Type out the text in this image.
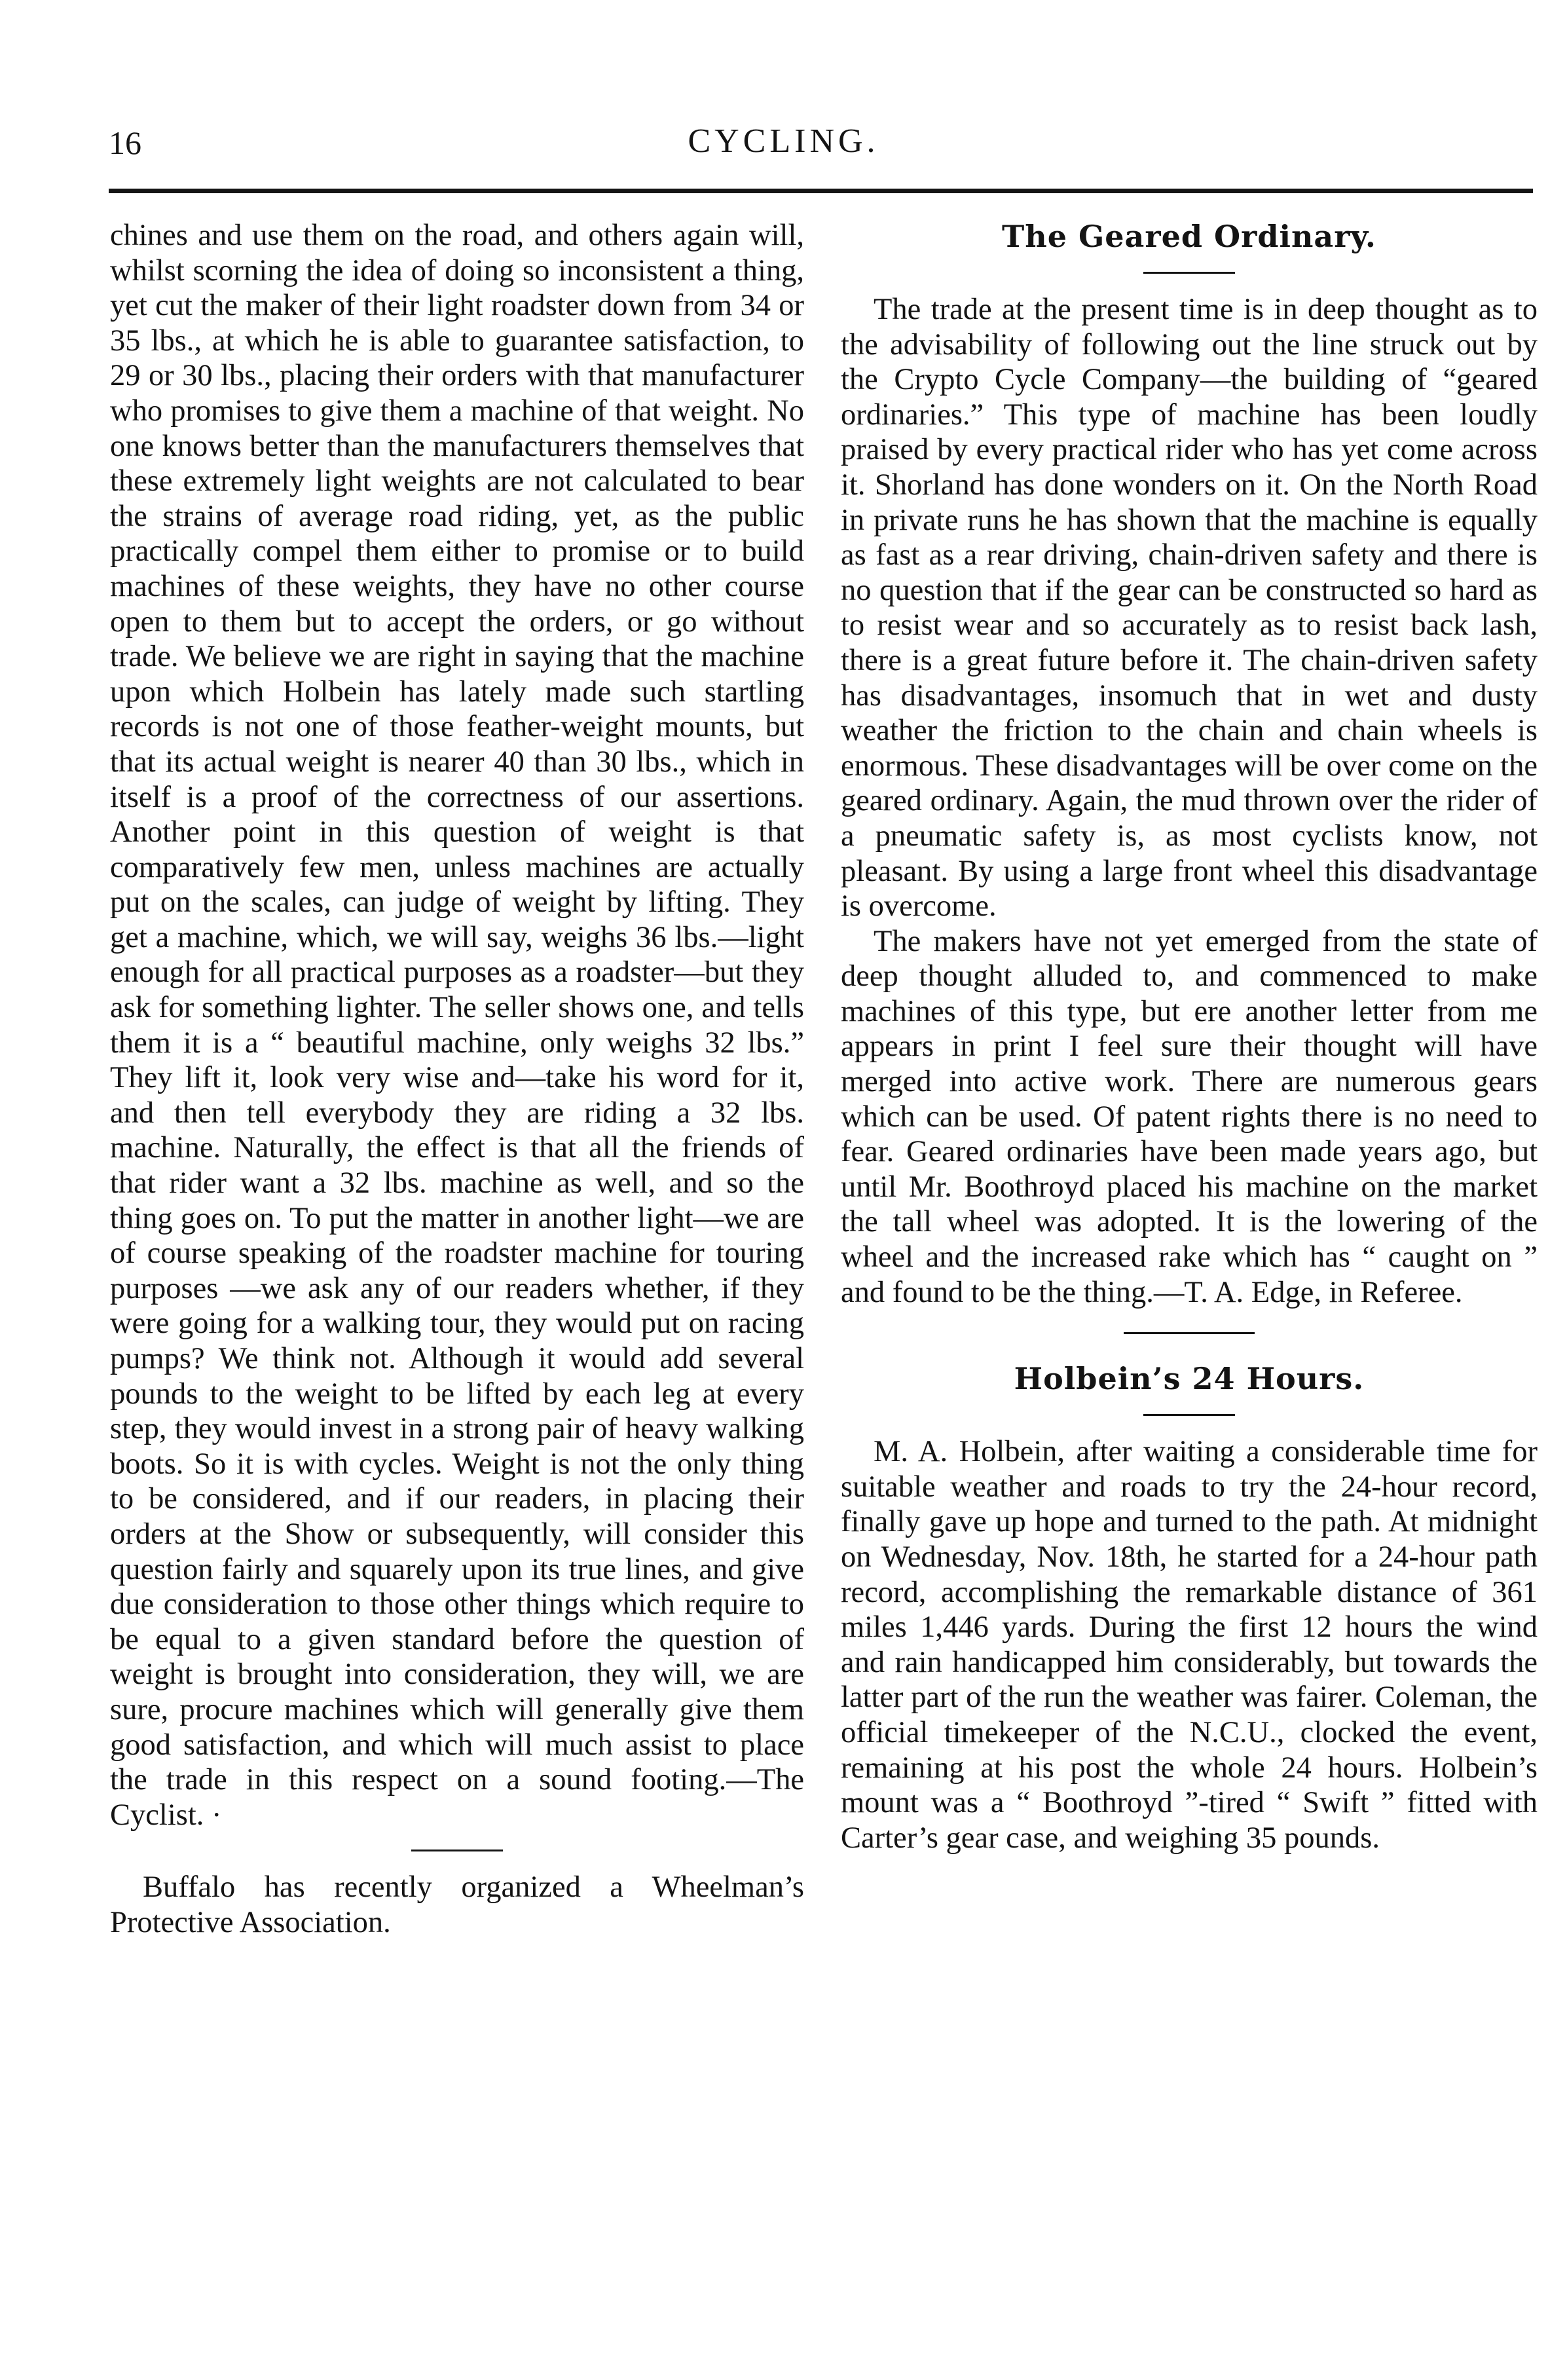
16	CYCLING.

chines and use them on the road, and others again will, whilst scorning the idea of doing so inconsistent a thing, yet cut the maker of their light roadster down from 34 or 35 lbs., at which he is able to guarantee satisfaction, to 29 or 30 lbs., placing their orders with that manufacturer who promises to give them a machine of that weight. No one knows better than the manufacturers themselves that these extremely light weights are not calculated to bear the strains of average road riding, yet, as the public practically compel them either to promise or to build machines of these weights, they have no other course open to them but to accept the orders, or go without trade. We believe we are right in saying that the machine upon which Holbein has lately made such startling records is not one of those feather-weight mounts, but that its actual weight is nearer 40 than 30 lbs., which in itself is a proof of the correctness of our assertions. Another point in this question of weight is that comparatively few men, unless machines are actually put on the scales, can judge of weight by lifting. They get a machine, which, we will say, weighs 36 lbs.—light enough for all practical purposes as a roadster—but they ask for something lighter. The seller shows one, and tells them it is a “ beautiful machine, only weighs 32 lbs.” They lift it, look very wise and—take his word for it, and then tell everybody they are riding a 32 lbs. machine. Naturally, the effect is that all the friends of that rider want a 32 lbs. machine as well, and so the thing goes on. To put the matter in another light—we are of course speaking of the roadster machine for touring purposes —we ask any of our readers whether, if they were going for a walking tour, they would put on racing pumps? We think not. Although it would add several pounds to the weight to be lifted by each leg at every step, they would invest in a strong pair of heavy walking boots. So it is with cycles. Weight is not the only thing to be considered, and if our readers, in placing their orders at the Show or subsequently, will consider this question fairly and squarely upon its true lines, and give due consideration to those other things which require to be equal to a given standard before the question of weight is brought into consideration, they will, we are sure, procure machines which will generally give them good satisfaction, and which will much assist to place the trade in this respect on a sound footing.—The Cyclist. ·

Buffalo has recently organized a Wheelman’s Protective Association.

The Geared Ordinary.

The trade at the present time is in deep thought as to the advisability of following out the line struck out by the Crypto Cycle Company—the building of “geared ordinaries.” This type of machine has been loudly praised by every practical rider who has yet come across it. Shorland has done wonders on it. On the North Road in private runs he has shown that the machine is equally as fast as a rear driving, chain-driven safety and there is no question that if the gear can be constructed so hard as to resist wear and so accurately as to resist back lash, there is a great future before it. The chain-driven safety has disadvantages, insomuch that in wet and dusty weather the friction to the chain and chain wheels is enormous. These disadvantages will be over come on the geared ordinary. Again, the mud thrown over the rider of a pneumatic safety is, as most cyclists know, not pleasant. By using a large front wheel this disadvantage is overcome.

The makers have not yet emerged from the state of deep thought alluded to, and commenced to make machines of this type, but ere another letter from me appears in print I feel sure their thought will have merged into active work. There are numerous gears which can be used. Of patent rights there is no need to fear. Geared ordinaries have been made years ago, but until Mr. Boothroyd placed his machine on the market the tall wheel was adopted. It is the lowering of the wheel and the increased rake which has “ caught on ” and found to be the thing.—T. A. Edge, in Referee.

Holbein’s 24 Hours.

M. A. Holbein, after waiting a considerable time for suitable weather and roads to try the 24-hour record, finally gave up hope and turned to the path. At midnight on Wednesday, Nov. 18th, he started for a 24-hour path record, accomplishing the remarkable distance of 361 miles 1,446 yards. During the first 12 hours the wind and rain handicapped him considerably, but towards the latter part of the run the weather was fairer. Coleman, the official timekeeper of the N.C.U., clocked the event, remaining at his post the whole 24 hours. Holbein’s mount was a “ Boothroyd ”-tired “ Swift ” fitted with Carter’s gear case, and weighing 35 pounds.
